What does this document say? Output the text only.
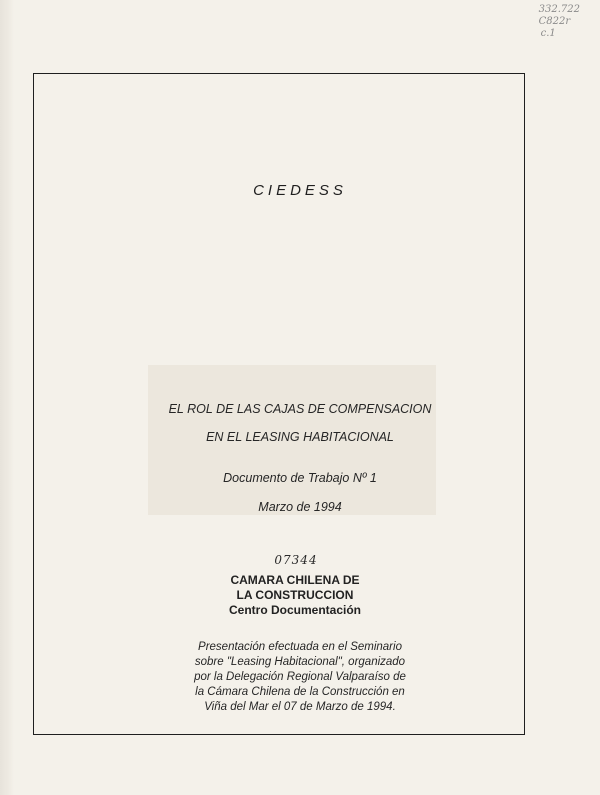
332.722
C822r
c.1
CIEDESS
EL ROL DE LAS CAJAS DE COMPENSACION
EN EL LEASING HABITACIONAL
Documento de Trabajo Nº 1
Marzo de 1994
07344
CAMARA CHILENA DE
LA CONSTRUCCION
Centro Documentación
Presentación efectuada en el Seminario
sobre "Leasing Habitacional", organizado
por la Delegación Regional Valparaíso de
la Cámara Chilena de la Construcción en
Viña del Mar el 07 de Marzo de 1994.
